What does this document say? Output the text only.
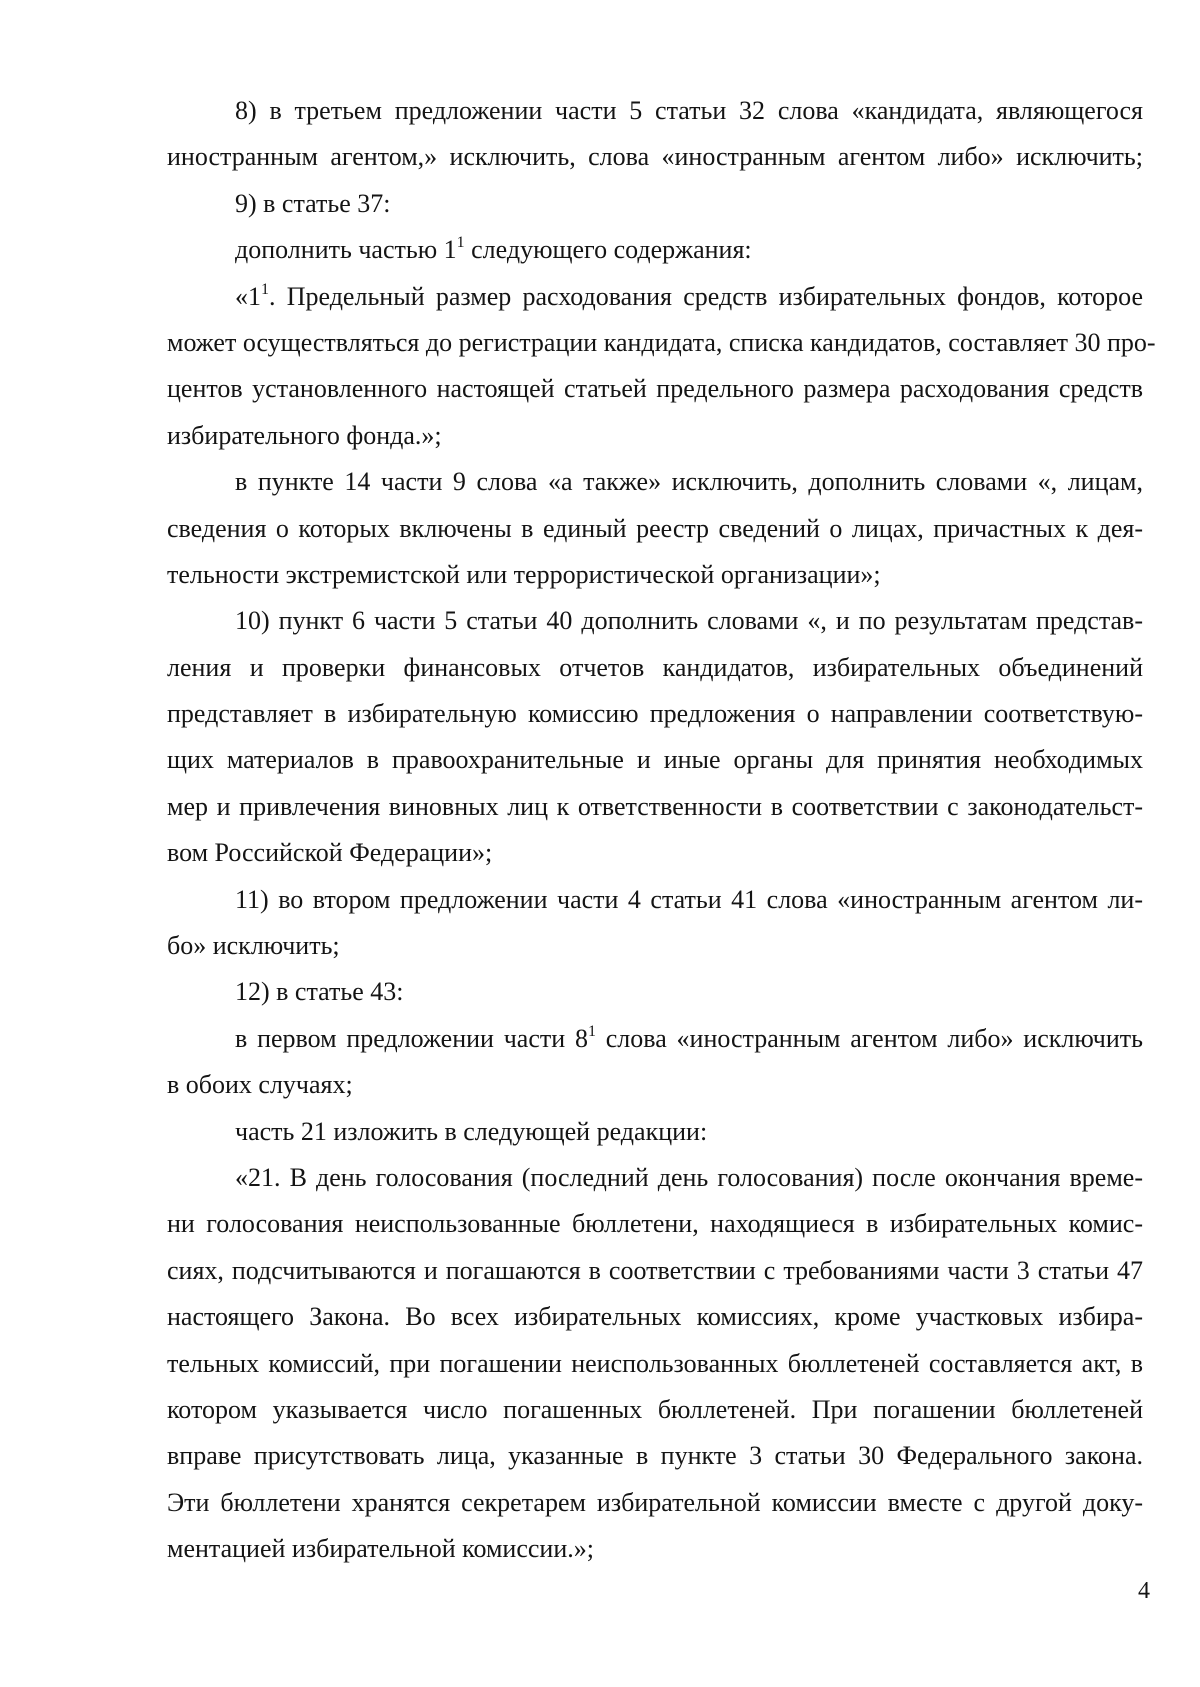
8) в третьем предложении части 5 статьи 32 слова «кандидата, являющегося
иностранным агентом,» исключить, слова «иностранным агентом либо» исключить;
9) в статье 37:
дополнить частью $1^1$ следующего содержания:
«$1^1$. Предельный размер расходования средств избирательных фондов, которое
может осуществляться до регистрации кандидата, списка кандидатов, составляет 30 про-
центов установленного настоящей статьей предельного размера расходования средств
избирательного фонда.»;
в пункте 14 части 9 слова «а также» исключить, дополнить словами «, лицам,
сведения о которых включены в единый реестр сведений о лицах, причастных к дея-
тельности экстремистской или террористической организации»;
10) пункт 6 части 5 статьи 40 дополнить словами «, и по результатам представ-
ления и проверки финансовых отчетов кандидатов, избирательных объединений
представляет в избирательную комиссию предложения о направлении соответствую-
щих материалов в правоохранительные и иные органы для принятия необходимых
мер и привлечения виновных лиц к ответственности в соответствии с законодательст-
вом Российской Федерации»;
11) во втором предложении части 4 статьи 41 слова «иностранным агентом ли-
бо» исключить;
12) в статье 43:
в первом предложении части $8^1$ слова «иностранным агентом либо» исключить
в обоих случаях;
часть 21 изложить в следующей редакции:
«21. В день голосования (последний день голосования) после окончания време-
ни голосования неиспользованные бюллетени, находящиеся в избирательных комис-
сиях, подсчитываются и погашаются в соответствии с требованиями части 3 статьи 47
настоящего Закона. Во всех избирательных комиссиях, кроме участковых избира-
тельных комиссий, при погашении неиспользованных бюллетеней составляется акт, в
котором указывается число погашенных бюллетеней. При погашении бюллетеней
вправе присутствовать лица, указанные в пункте 3 статьи 30 Федерального закона.
Эти бюллетени хранятся секретарем избирательной комиссии вместе с другой доку-
ментацией избирательной комиссии.»;
4
